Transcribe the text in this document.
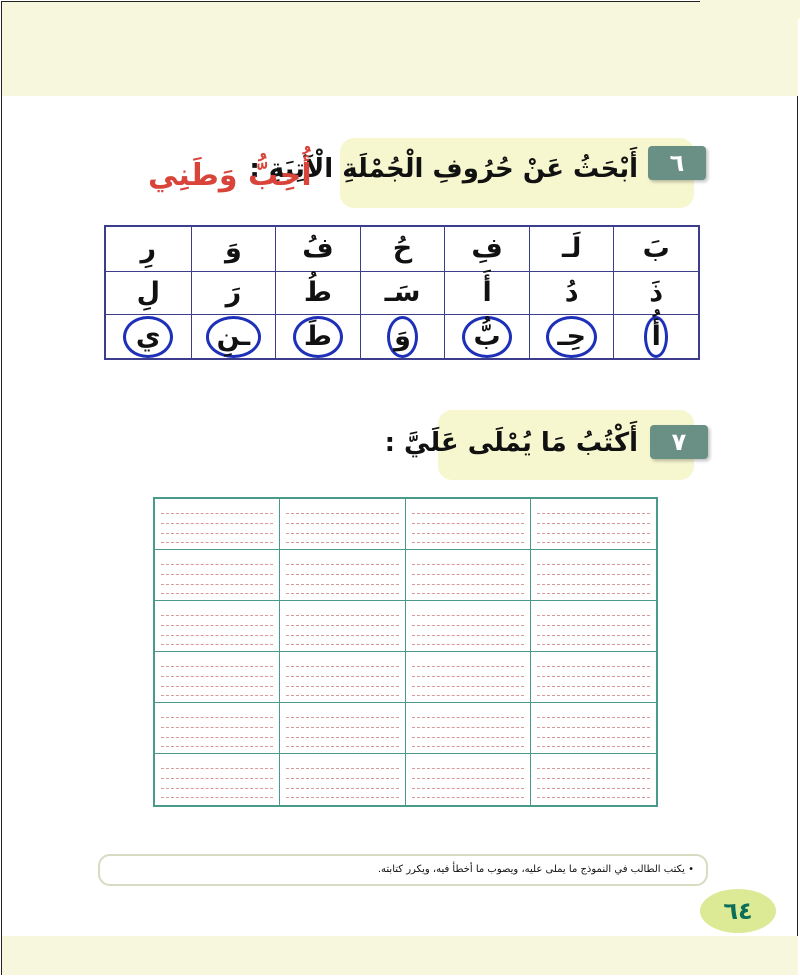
٦
أَبْحَثُ عَنْ حُرُوفِ الْجُمْلَةِ الْآتِيَةِ :
أُحِبُّ وَطَنِي
بَ
لَـ
فِ
حُ
فُ
وَ
رِ
ذَ
دُ
أَ
سَـ
طُ
رَ
لِ
أُ
حِـ
بُّ
وَ
طَ
ـنِ
ي
٧
أَكْتُبُ مَا يُمْلَى عَلَيَّ :
• يكتب الطالب في النموذج ما يملى عليه، ويصوب ما أخطأ فيه، ويكرر كتابته.
٦٤
